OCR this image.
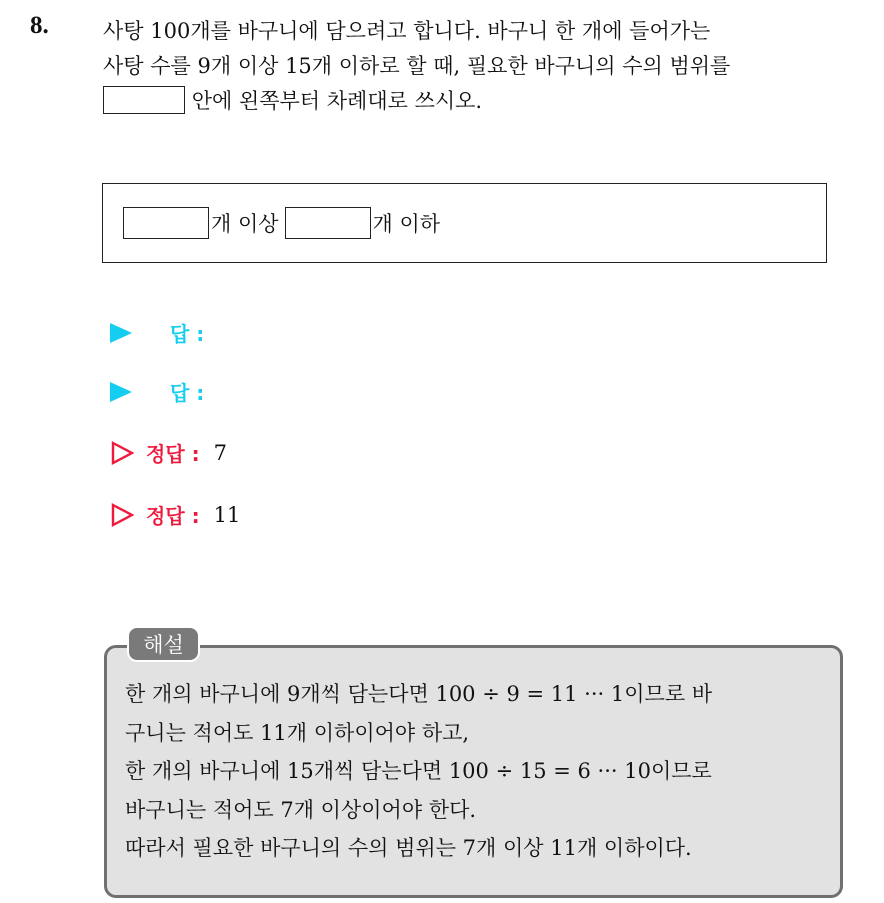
8.	사탕 100개를 바구니에 담으려고 합니다. 바구니 한 개에 들어가는
사탕 수를 9개 이상 15개 이하로 할 때, 필요한 바구니의 수의 범위를
안에 왼쪽부터 차례대로 쓰시오.
개 이상	개 이하
답 :
답 :
정답 : 7
정답 : 11
해설
한 개의 바구니에 9개씩 담는다면 100 ÷ 9 = 11 ··· 1이므로 바
구니는 적어도 11개 이하이어야 하고,
한 개의 바구니에 15개씩 담는다면 100 ÷ 15 = 6 ··· 10이므로
바구니는 적어도 7개 이상이어야 한다.
따라서 필요한 바구니의 수의 범위는 7개 이상 11개 이하이다.
